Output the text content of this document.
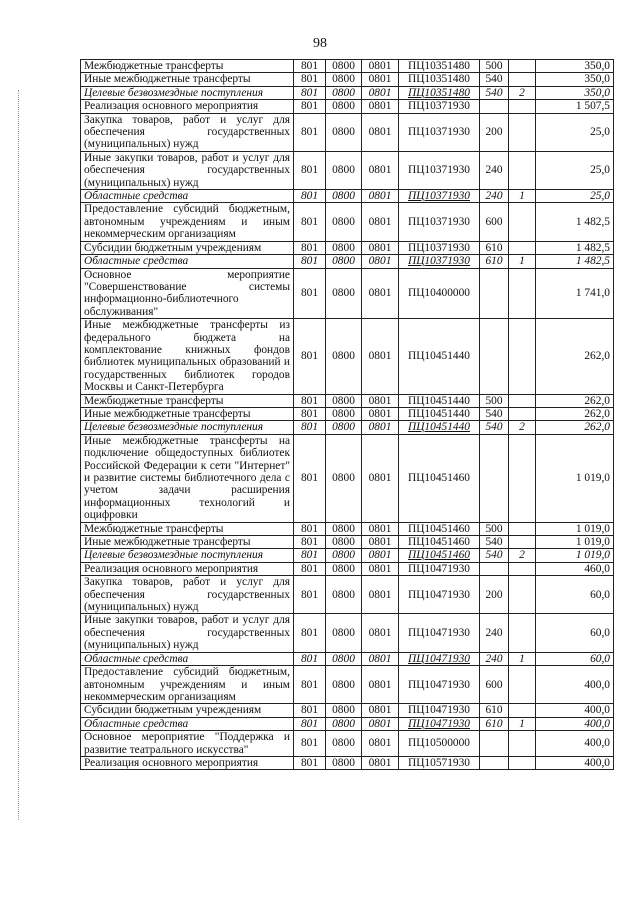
98
Межбюджетные трансферты	801	0800	0801	ПЦ10351480	500		350,0
Иные межбюджетные трансферты	801	0800	0801	ПЦ10351480	540		350,0
Целевые безвозмездные поступления	801	0800	0801	ПЦ10351480	540	2	350,0
Реализация основного мероприятия	801	0800	0801	ПЦ10371930			1 507,5
Закупка товаров, работ и услуг для обеспечения государственных (муниципальных) нужд	801	0800	0801	ПЦ10371930	200		25,0
Иные закупки товаров, работ и услуг для обеспечения государственных (муниципальных) нужд	801	0800	0801	ПЦ10371930	240		25,0
Областные средства	801	0800	0801	ПЦ10371930	240	1	25,0
Предоставление субсидий бюджетным, автономным учреждениям и иным некоммерческим организациям	801	0800	0801	ПЦ10371930	600		1 482,5
Субсидии бюджетным учреждениям	801	0800	0801	ПЦ10371930	610		1 482,5
Областные средства	801	0800	0801	ПЦ10371930	610	1	1 482,5
Основное мероприятие "Совершенствование системы информационно-библиотечного обслуживания"	801	0800	0801	ПЦ10400000			1 741,0
Иные межбюджетные трансферты из федерального бюджета на комплектование книжных фондов библиотек муниципальных образований и государственных библиотек городов Москвы и Санкт-Петербурга	801	0800	0801	ПЦ10451440			262,0
Межбюджетные трансферты	801	0800	0801	ПЦ10451440	500		262,0
Иные межбюджетные трансферты	801	0800	0801	ПЦ10451440	540		262,0
Целевые безвозмездные поступления	801	0800	0801	ПЦ10451440	540	2	262,0
Иные межбюджетные трансферты на подключение общедоступных библиотек Российской Федерации к сети "Интернет" и развитие системы библиотечного дела с учетом задачи расширения информационных технологий и оцифровки	801	0800	0801	ПЦ10451460			1 019,0
Межбюджетные трансферты	801	0800	0801	ПЦ10451460	500		1 019,0
Иные межбюджетные трансферты	801	0800	0801	ПЦ10451460	540		1 019,0
Целевые безвозмездные поступления	801	0800	0801	ПЦ10451460	540	2	1 019,0
Реализация основного мероприятия	801	0800	0801	ПЦ10471930			460,0
Закупка товаров, работ и услуг для обеспечения государственных (муниципальных) нужд	801	0800	0801	ПЦ10471930	200		60,0
Иные закупки товаров, работ и услуг для обеспечения государственных (муниципальных) нужд	801	0800	0801	ПЦ10471930	240		60,0
Областные средства	801	0800	0801	ПЦ10471930	240	1	60,0
Предоставление субсидий бюджетным, автономным учреждениям и иным некоммерческим организациям	801	0800	0801	ПЦ10471930	600		400,0
Субсидии бюджетным учреждениям	801	0800	0801	ПЦ10471930	610		400,0
Областные средства	801	0800	0801	ПЦ10471930	610	1	400,0
Основное мероприятие "Поддержка и развитие театрального искусства"	801	0800	0801	ПЦ10500000			400,0
Реализация основного мероприятия	801	0800	0801	ПЦ10571930			400,0
